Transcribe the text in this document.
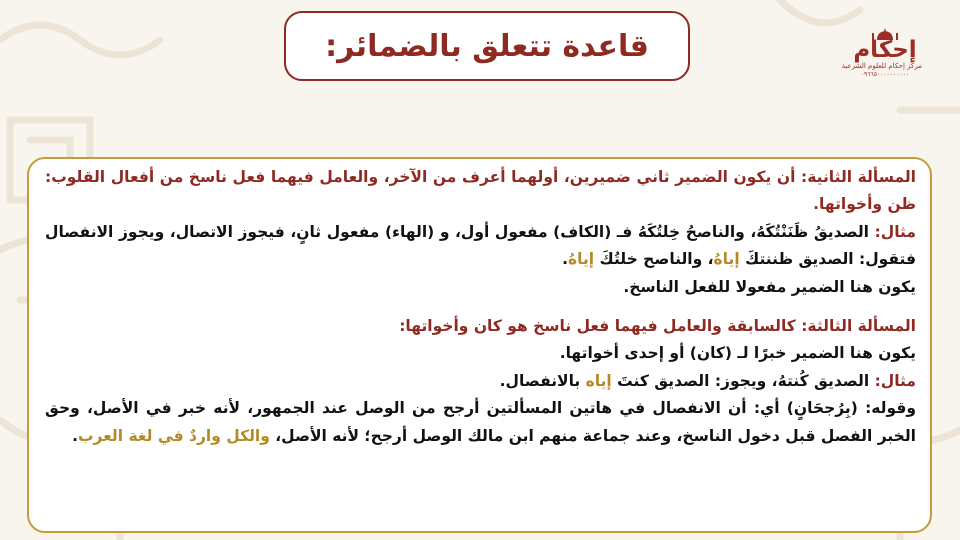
قاعدة تتعلق بالضمائر:	إحكام
مركز إحكام للعلوم الشرعية
٠٩٦٦٥٠٠٠٠٠٠٠٠٠٠

المسألة الثانية: أن يكون الضمير ثاني ضميرين، أولهما أعرف من الآخر، والعامل فيهما فعل ناسخ من أفعال القلوب: ظن وأخواتها.

مثال: الصديقُ ظَنَنْتُكَهُ، والناصحُ خِلتُكَهُ فـ (الكاف) مفعول أول، و (الهاء) مفعول ثانٍ، فيجوز الاتصال، ويجوز الانفصال فتقول: الصديق ظننتكَ إياهُ، والناصح خلتُكَ إياهُ.

يكون هنا الضمير مفعولا للفعل الناسخ.

المسألة الثالثة: كالسابقة والعامل فيهما فعل ناسخ هو كان وأخواتها:

يكون هنا الضمير خبرًا لـ (كان) أو إحدى أخواتها.

مثال: الصديق كُنتهُ، ويجوز: الصديق كنتَ إياه بالانفصال.

وقوله: (بِرُجحَانٍ) أي: أن الانفصال في هاتين المسألتين أرجح من الوصل عند الجمهور، لأنه خبر في الأصل، وحق الخبر الفصل قبل دخول الناسخ، وعند جماعة منهم ابن مالك الوصل أرجح؛ لأنه الأصل، والكل واردٌ في لغة العرب.
